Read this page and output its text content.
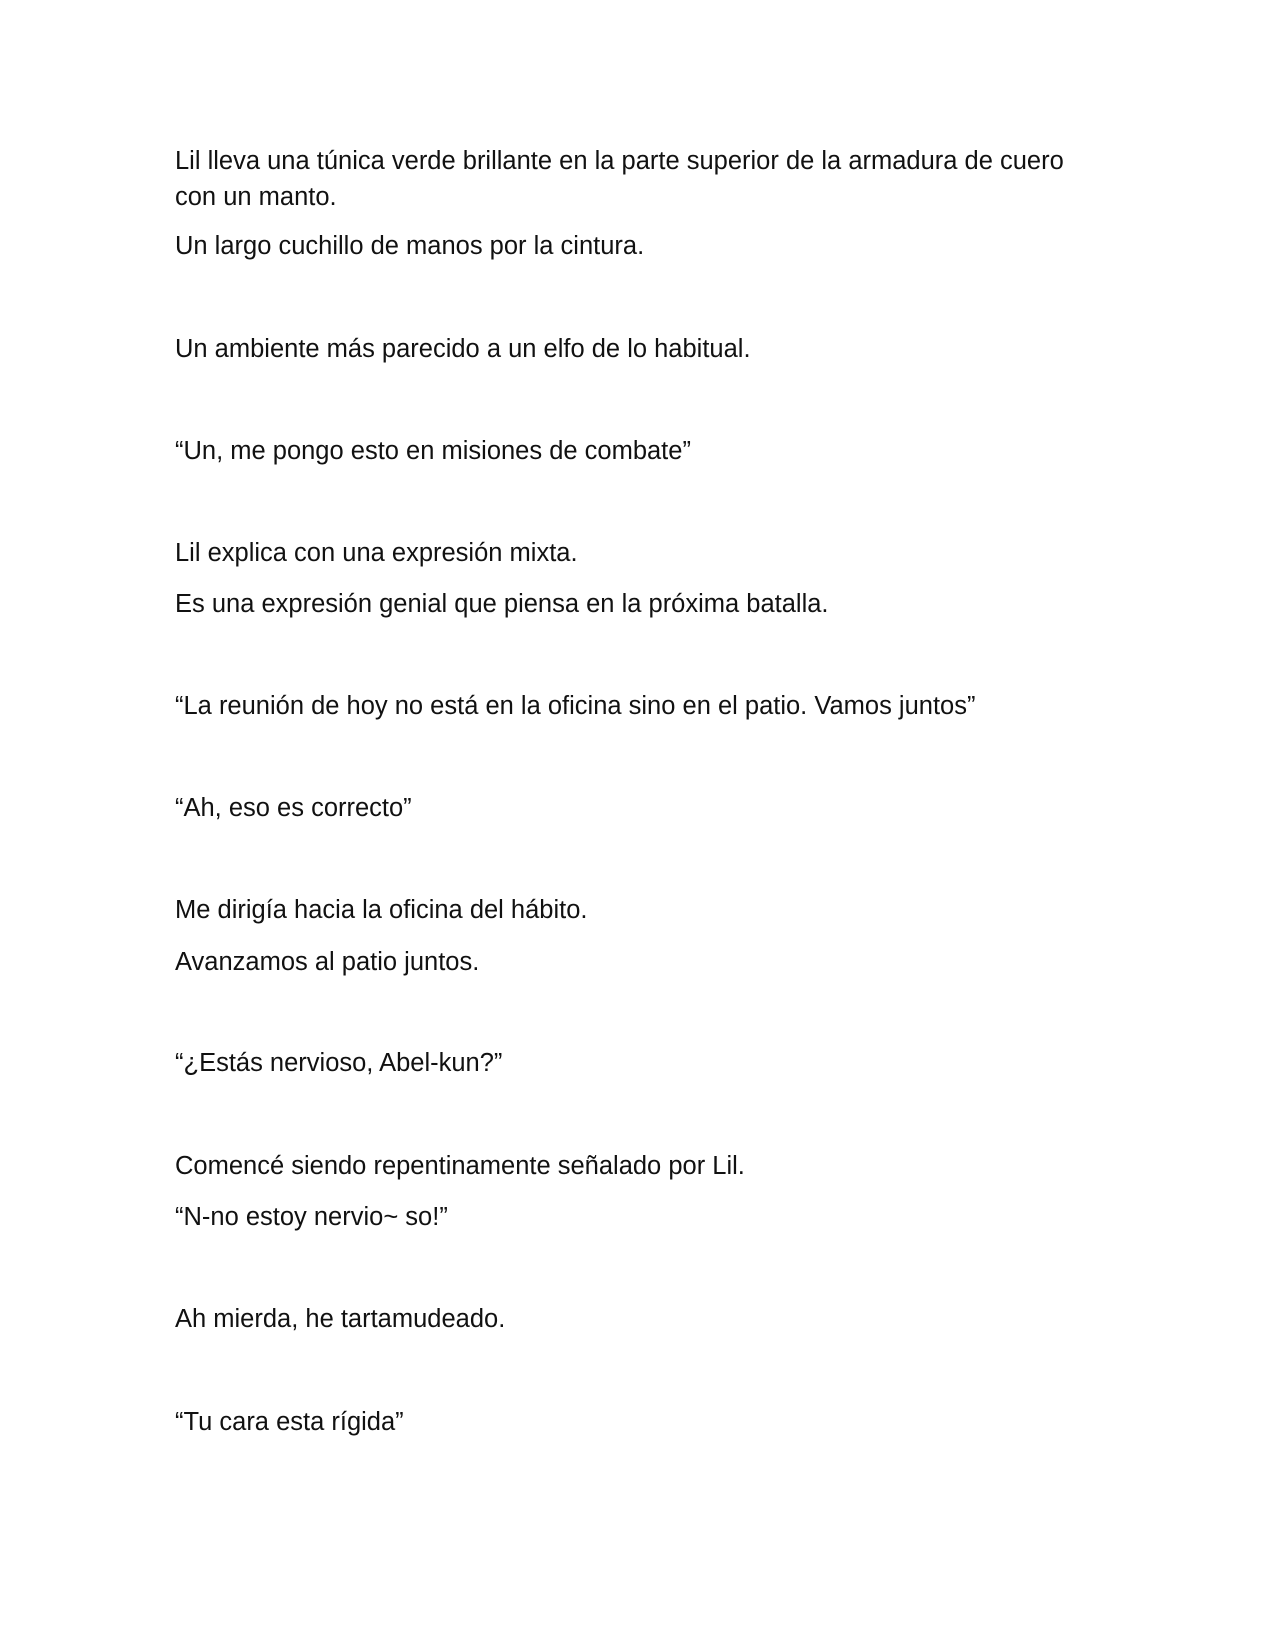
Lil lleva una túnica verde brillante en la parte superior de la armadura de cuero con un manto.

Un largo cuchillo de manos por la cintura.

Un ambiente más parecido a un elfo de lo habitual.

“Un, me pongo esto en misiones de combate”

Lil explica con una expresión mixta.

Es una expresión genial que piensa en la próxima batalla.

“La reunión de hoy no está en la oficina sino en el patio. Vamos juntos”

“Ah, eso es correcto”

Me dirigía hacia la oficina del hábito.

Avanzamos al patio juntos.

“¿Estás nervioso, Abel-kun?”

Comencé siendo repentinamente señalado por Lil.

“N-no estoy nervio~ so!”

Ah mierda, he tartamudeado.

“Tu cara esta rígida”
